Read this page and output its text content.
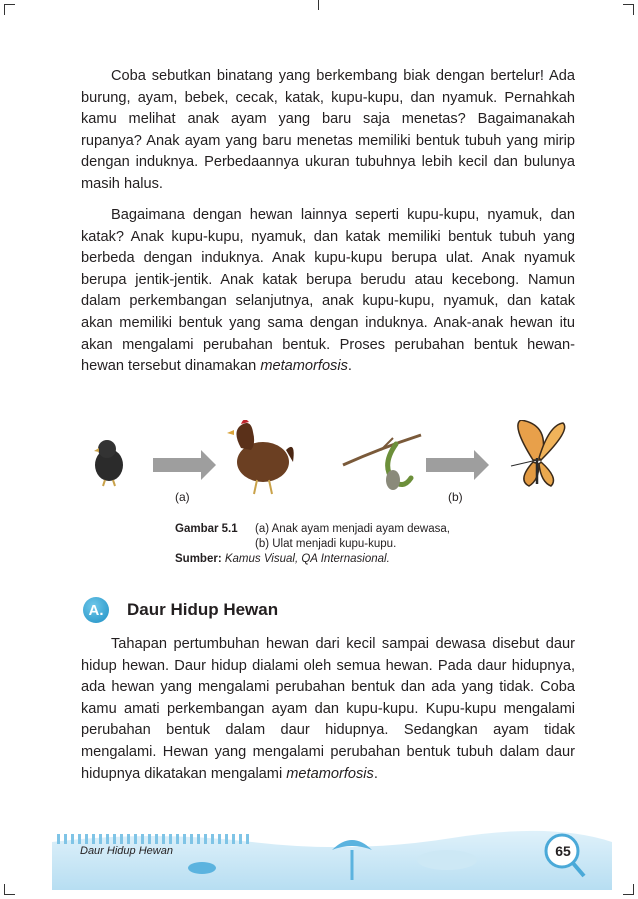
Coba sebutkan binatang yang berkembang biak dengan bertelur! Ada burung, ayam, bebek, cecak, katak, kupu-kupu, dan nyamuk. Pernahkah kamu melihat anak ayam yang baru saja menetas? Bagaimanakah rupanya? Anak ayam yang baru menetas memiliki bentuk tubuh yang mirip dengan induknya. Perbedaannya ukuran tubuhnya lebih kecil dan bulunya masih halus.

Bagaimana dengan hewan lainnya seperti kupu-kupu, nyamuk, dan katak? Anak kupu-kupu, nyamuk, dan katak memiliki bentuk tubuh yang berbeda dengan induknya. Anak kupu-kupu berupa ulat. Anak nyamuk berupa jentik-jentik. Anak katak berupa berudu atau kecebong. Namun dalam perkembangan selanjutnya, anak kupu-kupu, nyamuk, dan katak akan memiliki bentuk yang sama dengan induknya. Anak-anak hewan itu akan mengalami perubahan bentuk. Proses perubahan bentuk hewan-hewan tersebut dinamakan metamorfosis.

(a)	(b)
Gambar 5.1	(a) Anak ayam menjadi ayam dewasa,
(b) Ulat menjadi kupu-kupu.
Sumber:
Kamus Visual, QA Internasional.
A.	Daur Hidup Hewan

Tahapan pertumbuhan hewan dari kecil sampai dewasa disebut daur hidup hewan. Daur hidup dialami oleh semua hewan. Pada daur hidupnya, ada hewan yang mengalami perubahan bentuk dan ada yang tidak. Coba kamu amati perkembangan ayam dan kupu-kupu. Kupu-kupu mengalami perubahan bentuk dalam daur hidupnya. Sedangkan ayam tidak mengalami. Hewan yang mengalami perubahan bentuk tubuh dalam daur hidupnya dikatakan mengalami metamorfosis.

Daur Hidup Hewan	65
